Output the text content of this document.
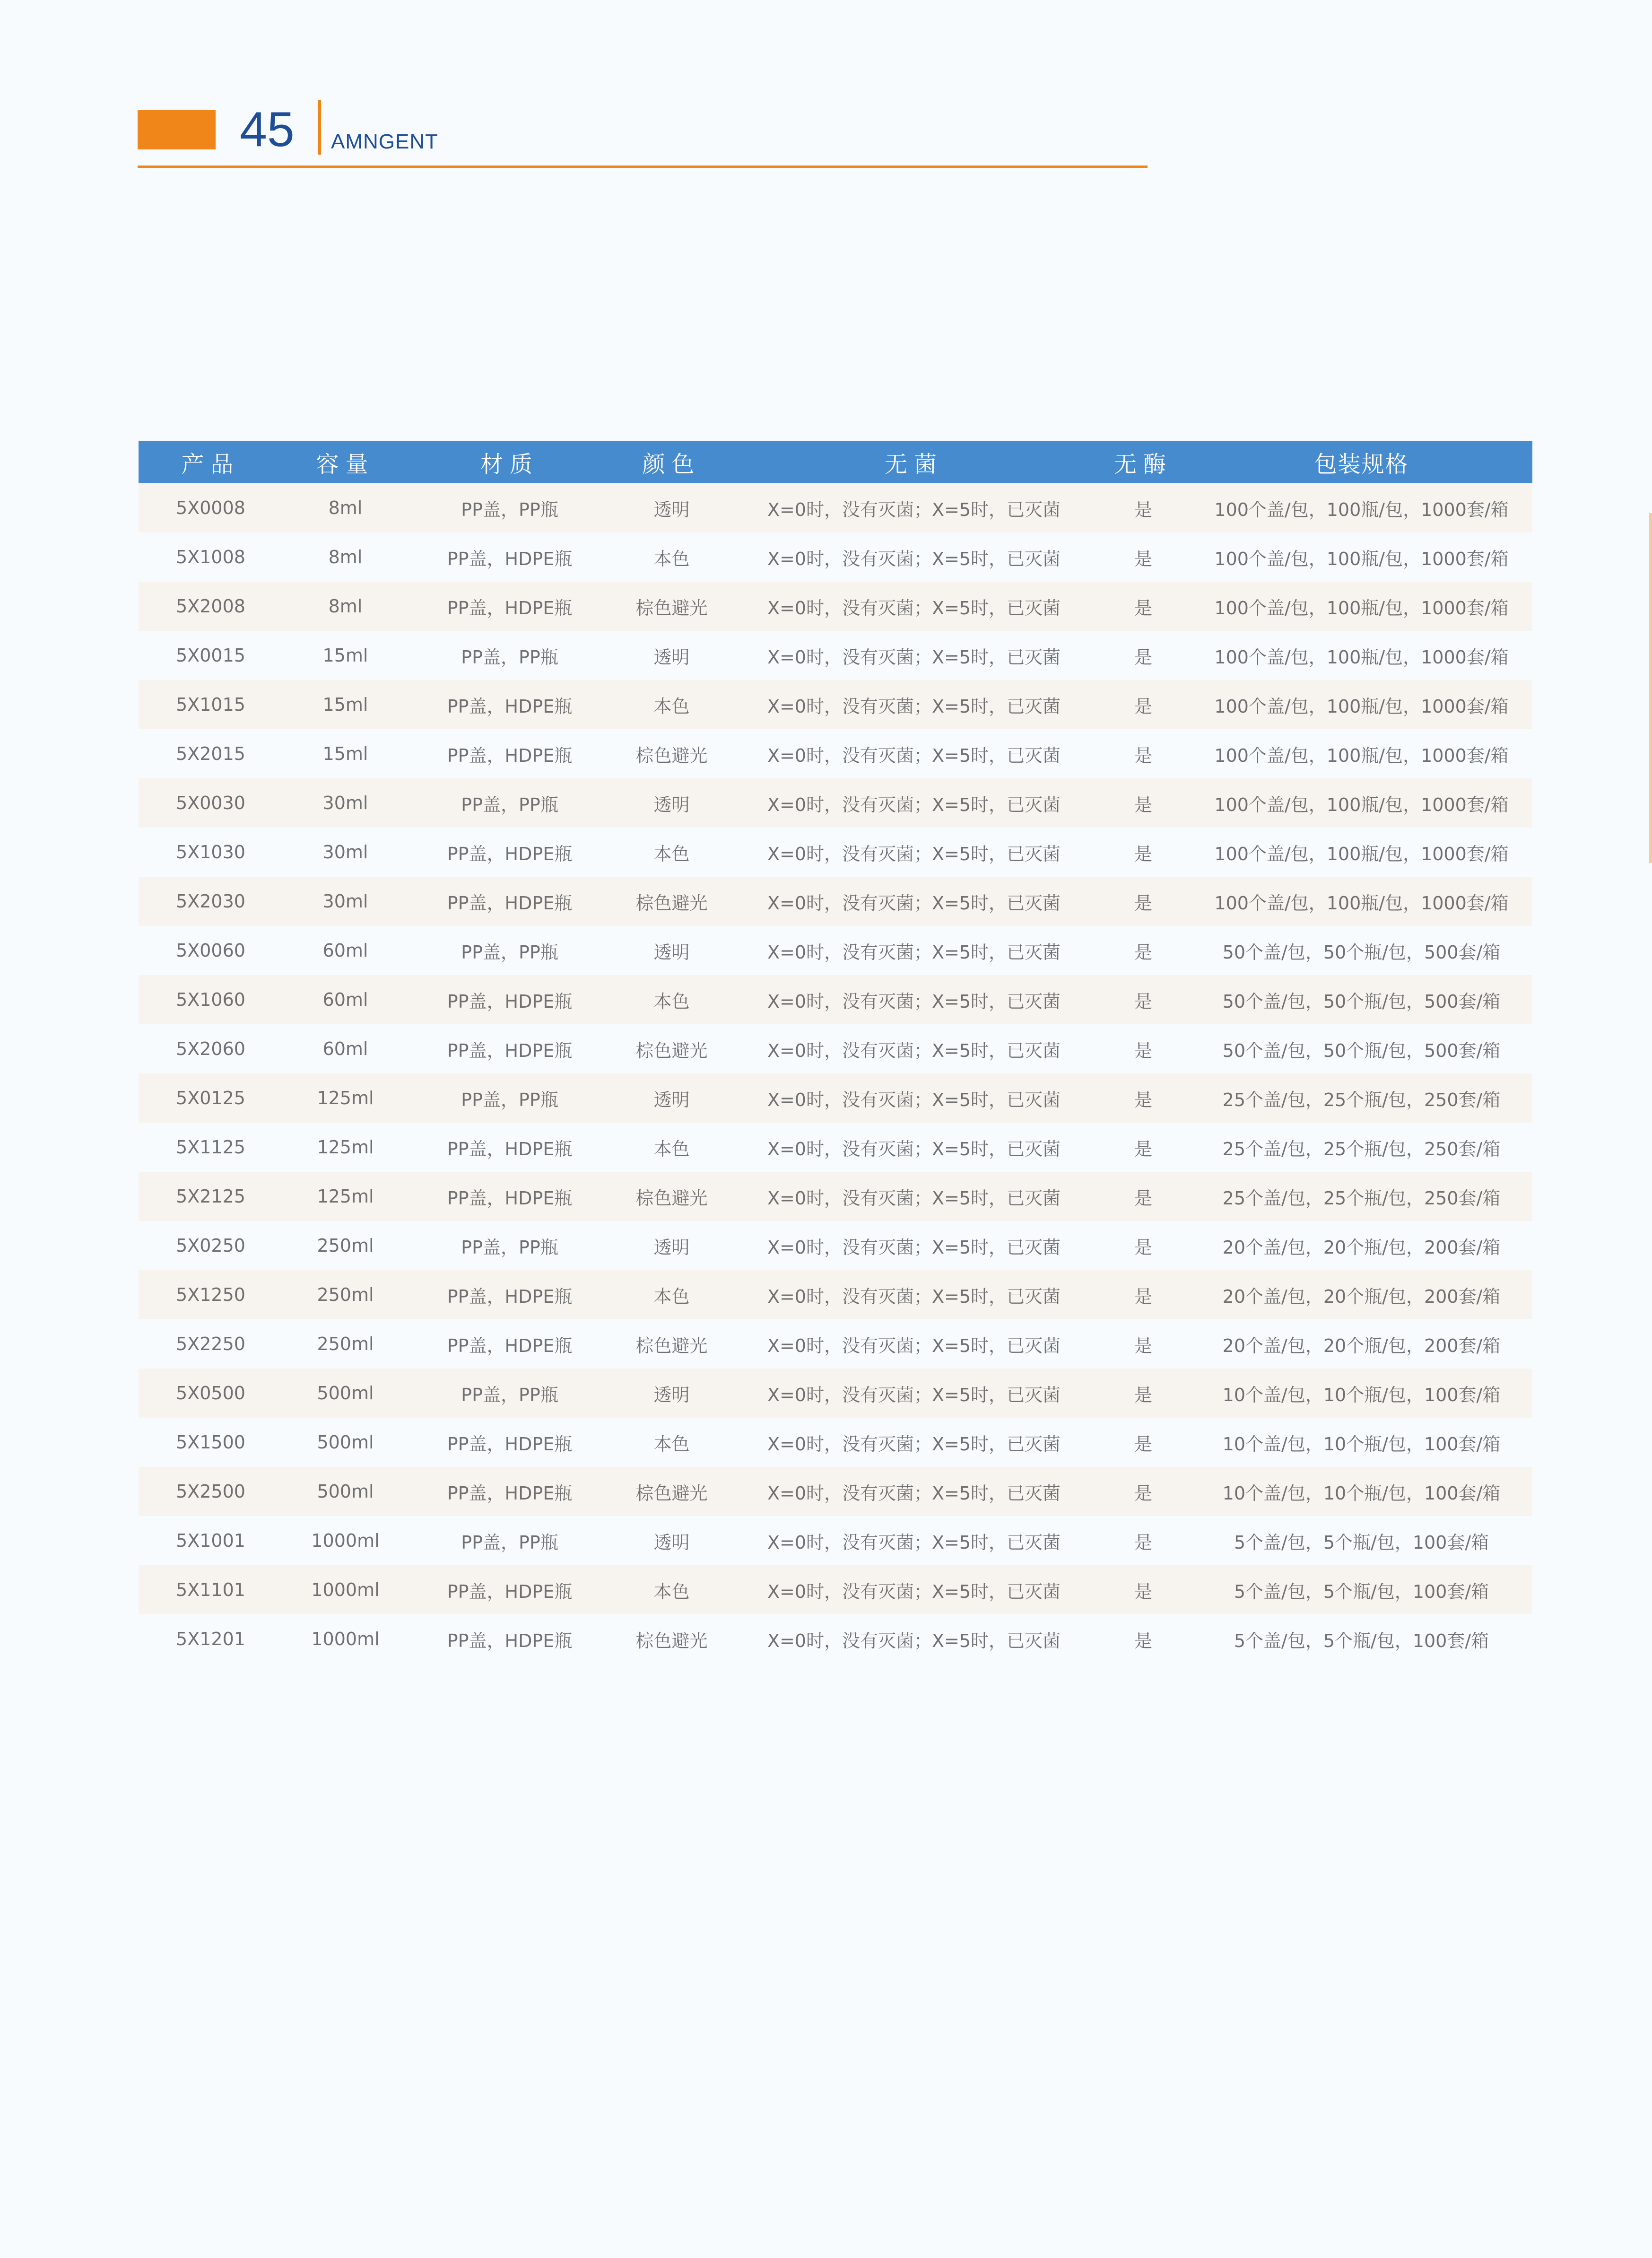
45 AMNGENT
产品	容量	材质	颜色	无菌	无酶	包装规格
5X0008	8ml	PP盖，PP瓶	透明	X=0时，没有灭菌；X=5时，已灭菌	是	100个盖/包，100瓶/包，1000套/箱
5X1008	8ml	PP盖，HDPE瓶	本色	X=0时，没有灭菌；X=5时，已灭菌	是	100个盖/包，100瓶/包，1000套/箱
5X2008	8ml	PP盖，HDPE瓶	棕色避光	X=0时，没有灭菌；X=5时，已灭菌	是	100个盖/包，100瓶/包，1000套/箱
5X0015	15ml	PP盖，PP瓶	透明	X=0时，没有灭菌；X=5时，已灭菌	是	100个盖/包，100瓶/包，1000套/箱
5X1015	15ml	PP盖，HDPE瓶	本色	X=0时，没有灭菌；X=5时，已灭菌	是	100个盖/包，100瓶/包，1000套/箱
5X2015	15ml	PP盖，HDPE瓶	棕色避光	X=0时，没有灭菌；X=5时，已灭菌	是	100个盖/包，100瓶/包，1000套/箱
5X0030	30ml	PP盖，PP瓶	透明	X=0时，没有灭菌；X=5时，已灭菌	是	100个盖/包，100瓶/包，1000套/箱
5X1030	30ml	PP盖，HDPE瓶	本色	X=0时，没有灭菌；X=5时，已灭菌	是	100个盖/包，100瓶/包，1000套/箱
5X2030	30ml	PP盖，HDPE瓶	棕色避光	X=0时，没有灭菌；X=5时，已灭菌	是	100个盖/包，100瓶/包，1000套/箱
5X0060	60ml	PP盖，PP瓶	透明	X=0时，没有灭菌；X=5时，已灭菌	是	50个盖/包，50个瓶/包，500套/箱
5X1060	60ml	PP盖，HDPE瓶	本色	X=0时，没有灭菌；X=5时，已灭菌	是	50个盖/包，50个瓶/包，500套/箱
5X2060	60ml	PP盖，HDPE瓶	棕色避光	X=0时，没有灭菌；X=5时，已灭菌	是	50个盖/包，50个瓶/包，500套/箱
5X0125	125ml	PP盖，PP瓶	透明	X=0时，没有灭菌；X=5时，已灭菌	是	25个盖/包，25个瓶/包，250套/箱
5X1125	125ml	PP盖，HDPE瓶	本色	X=0时，没有灭菌；X=5时，已灭菌	是	25个盖/包，25个瓶/包，250套/箱
5X2125	125ml	PP盖，HDPE瓶	棕色避光	X=0时，没有灭菌；X=5时，已灭菌	是	25个盖/包，25个瓶/包，250套/箱
5X0250	250ml	PP盖，PP瓶	透明	X=0时，没有灭菌；X=5时，已灭菌	是	20个盖/包，20个瓶/包，200套/箱
5X1250	250ml	PP盖，HDPE瓶	本色	X=0时，没有灭菌；X=5时，已灭菌	是	20个盖/包，20个瓶/包，200套/箱
5X2250	250ml	PP盖，HDPE瓶	棕色避光	X=0时，没有灭菌；X=5时，已灭菌	是	20个盖/包，20个瓶/包，200套/箱
5X0500	500ml	PP盖，PP瓶	透明	X=0时，没有灭菌；X=5时，已灭菌	是	10个盖/包，10个瓶/包，100套/箱
5X1500	500ml	PP盖，HDPE瓶	本色	X=0时，没有灭菌；X=5时，已灭菌	是	10个盖/包，10个瓶/包，100套/箱
5X2500	500ml	PP盖，HDPE瓶	棕色避光	X=0时，没有灭菌；X=5时，已灭菌	是	10个盖/包，10个瓶/包，100套/箱
5X1001	1000ml	PP盖，PP瓶	透明	X=0时，没有灭菌；X=5时，已灭菌	是	5个盖/包，5个瓶/包，100套/箱
5X1101	1000ml	PP盖，HDPE瓶	本色	X=0时，没有灭菌；X=5时，已灭菌	是	5个盖/包，5个瓶/包，100套/箱
5X1201	1000ml	PP盖，HDPE瓶	棕色避光	X=0时，没有灭菌；X=5时，已灭菌	是	5个盖/包，5个瓶/包，100套/箱
